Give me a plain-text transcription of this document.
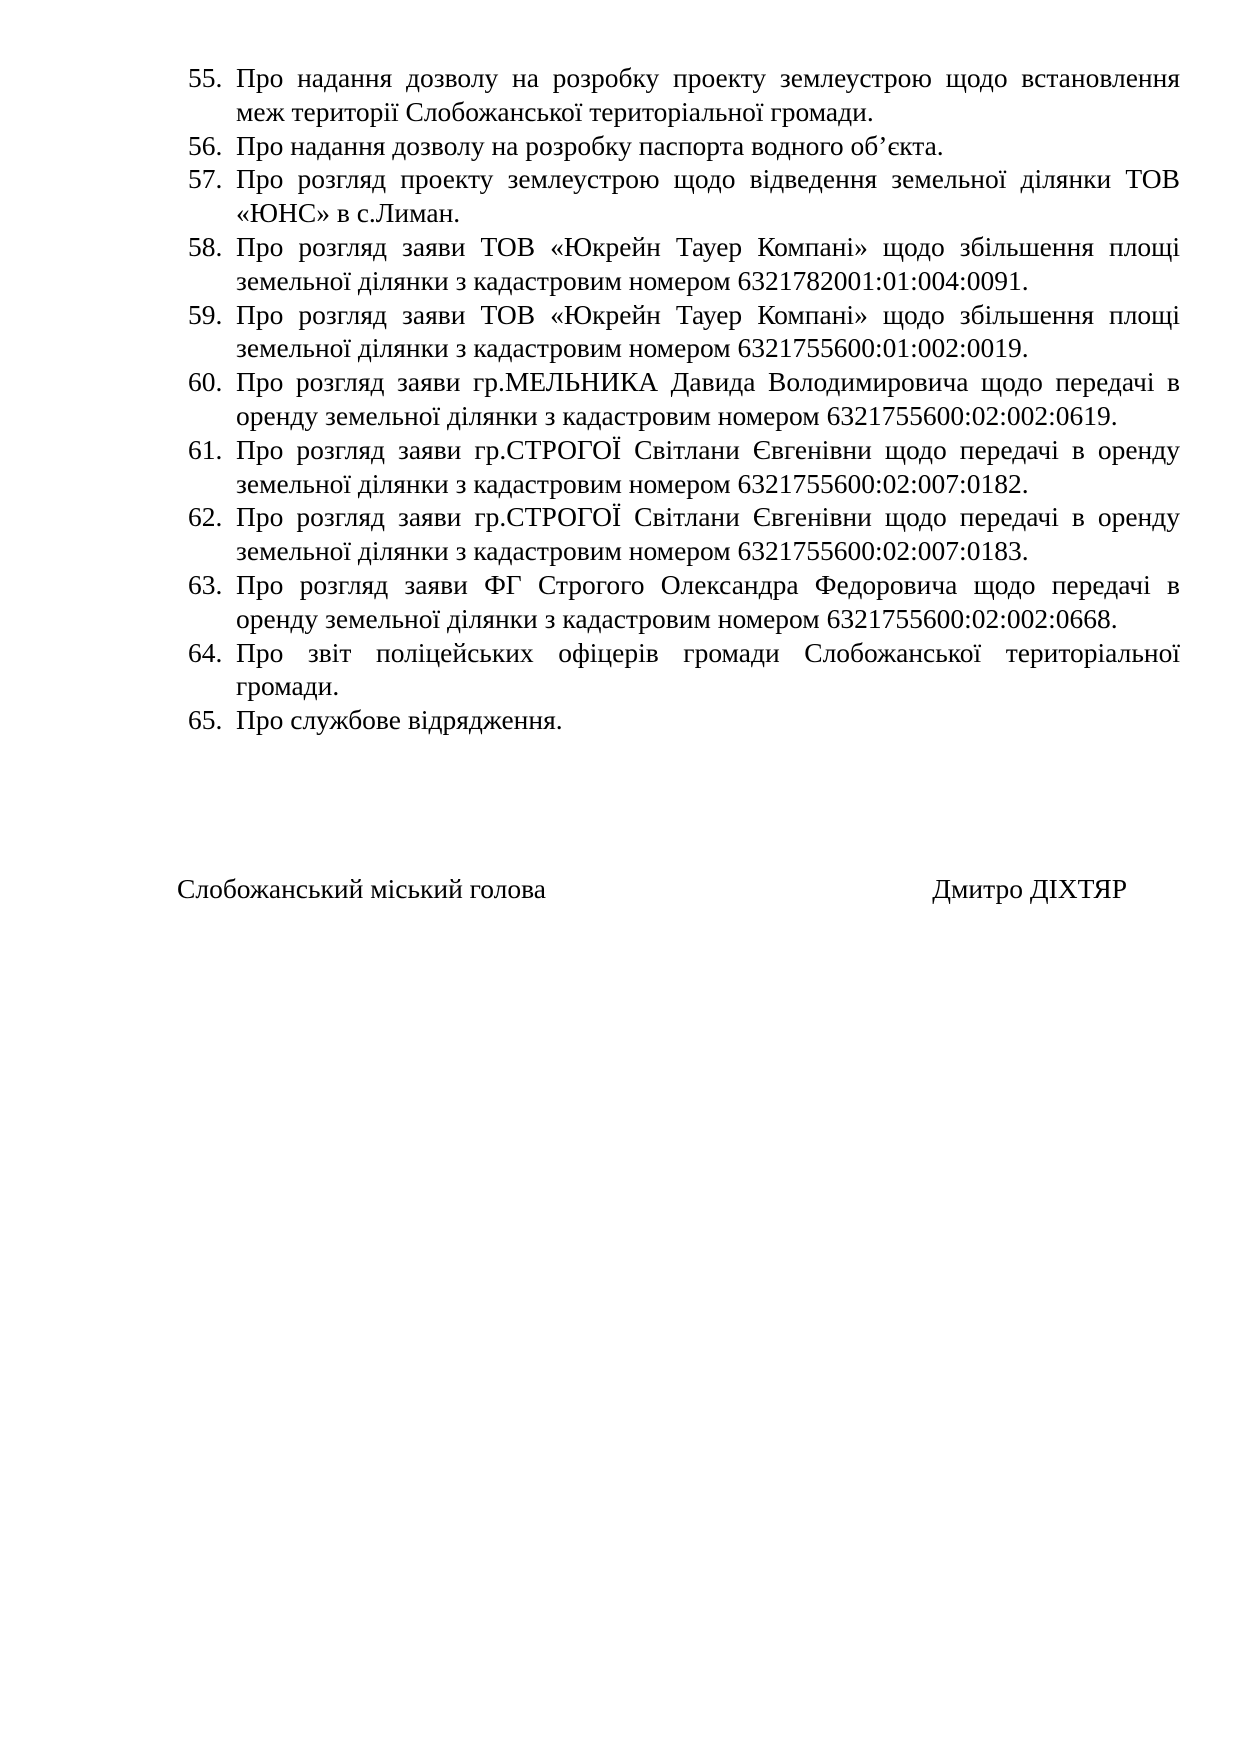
55. Про надання дозволу на розробку проекту землеустрою щодо встановлення меж території Слобожанської територіальної громади.
56. Про надання дозволу на розробку паспорта водного об’єкта.
57. Про розгляд проекту землеустрою щодо відведення земельної ділянки ТОВ «ЮНС» в с.Лиман.
58. Про розгляд заяви ТОВ «Юкрейн Тауер Компані» щодо збільшення площі земельної ділянки з кадастровим номером 6321782001:01:004:0091.
59. Про розгляд заяви ТОВ «Юкрейн Тауер Компані» щодо збільшення площі земельної ділянки з кадастровим номером 6321755600:01:002:0019.
60. Про розгляд заяви гр.МЕЛЬНИКА Давида Володимировича щодо передачі в оренду земельної ділянки з кадастровим номером 6321755600:02:002:0619.
61. Про розгляд заяви гр.СТРОГОЇ Світлани Євгенівни щодо передачі в оренду земельної ділянки з кадастровим номером 6321755600:02:007:0182.
62. Про розгляд заяви гр.СТРОГОЇ Світлани Євгенівни щодо передачі в оренду земельної ділянки з кадастровим номером 6321755600:02:007:0183.
63. Про розгляд заяви ФГ Строгого Олександра Федоровича щодо передачі в оренду земельної ділянки з кадастровим номером 6321755600:02:002:0668.
64. Про звіт поліцейських офіцерів громади Слобожанської територіальної громади.
65. Про службове відрядження.
Слобожанський міський голова	Дмитро ДІХТЯР
